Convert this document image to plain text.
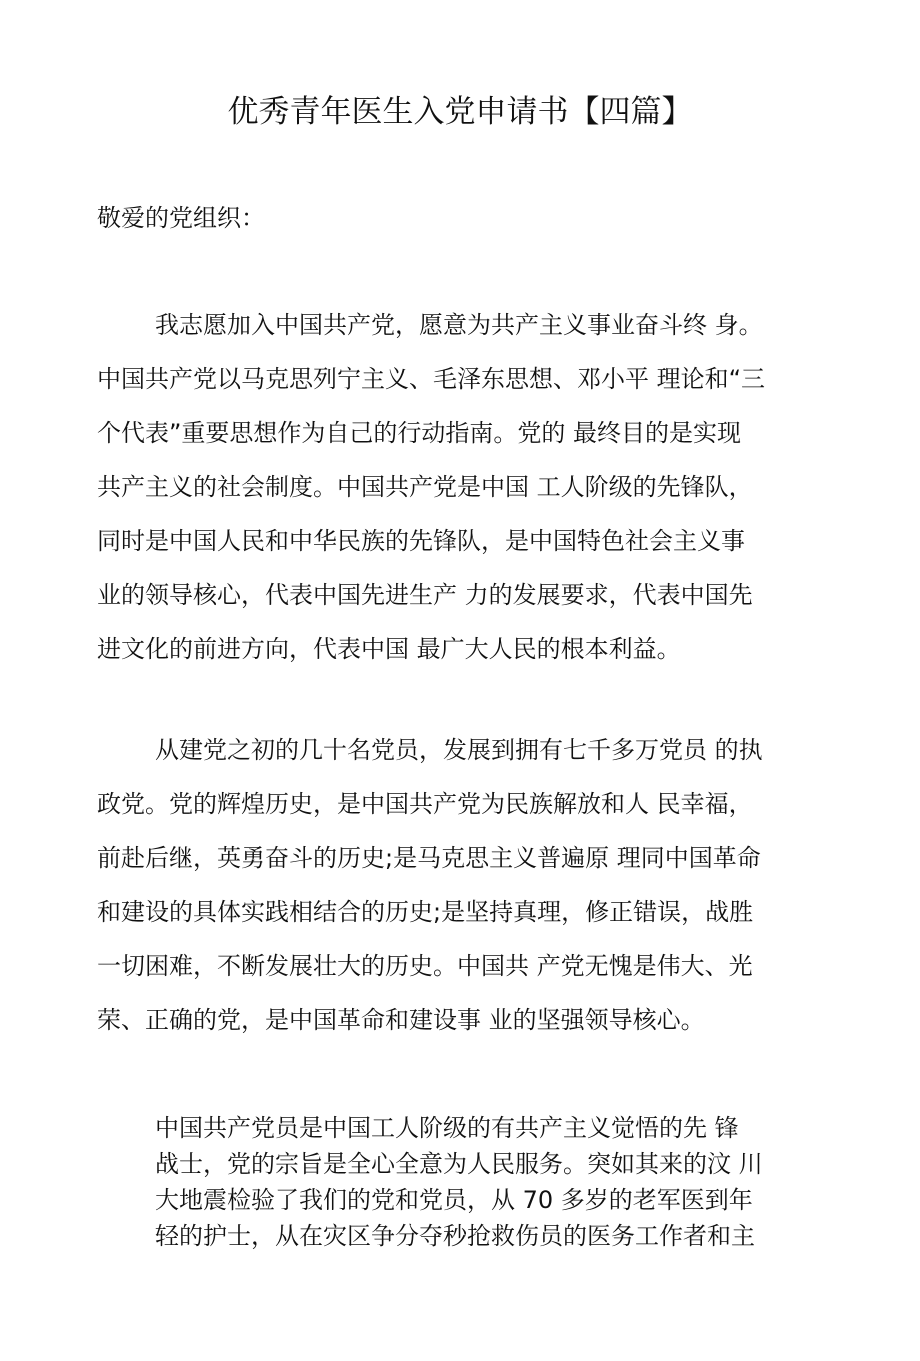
优秀青年医生入党申请书【四篇】

敬爱的党组织：

我志愿加入中国共产党，愿意为共产主义事业奋斗终 身。
中国共产党以马克思列宁主义、毛泽东思想、邓小平 理论和“三
个代表”重要思想作为自己的行动指南。党的 最终目的是实现
共产主义的社会制度。中国共产党是中国 工人阶级的先锋队，
同时是中国人民和中华民族的先锋队，是中国特色社会主义事
业的领导核心，代表中国先进生产 力的发展要求，代表中国先
进文化的前进方向，代表中国 最广大人民的根本利益。
从建党之初的几十名党员，发展到拥有七千多万党员 的执
政党。党的辉煌历史，是中国共产党为民族解放和人 民幸福，
前赴后继，英勇奋斗的历史;是马克思主义普遍原 理同中国革命
和建设的具体实践相结合的历史;是坚持真理，修正错误，战胜
一切困难，不断发展壮大的历史。中国共 产党无愧是伟大、光
荣、正确的党，是中国革命和建设事 业的坚强领导核心。
中国共产党员是中国工人阶级的有共产主义觉悟的先 锋
战士，党的宗旨是全心全意为人民服务。突如其来的汶 川
大地震检验了我们的党和党员，从 70 多岁的老军医到年
轻的护士，从在灾区争分夺秒抢救伤员的医务工作者和主
